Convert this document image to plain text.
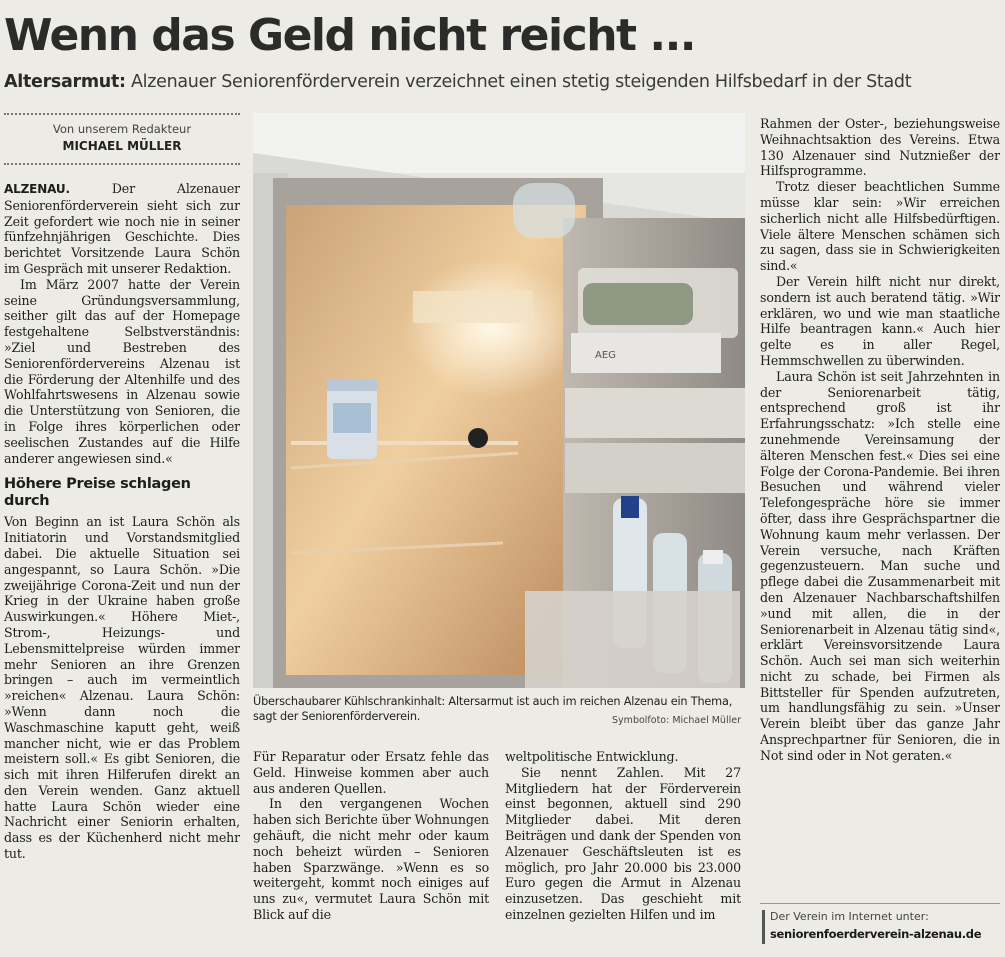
Wenn das Geld nicht reicht ...
Altersarmut: Alzenauer Seniorenförderverein verzeichnet einen stetig steigenden Hilfsbedarf in der Stadt
Von unserem Redakteur
MICHAEL MÜLLER

ALZENAU. Der Alzenauer Seniorenförderverein sieht sich zur Zeit gefordert wie noch nie in seiner fünfzehnjährigen Geschichte. Dies berichtet Vorsitzende Laura Schön im Gespräch mit unserer Redaktion.

Im März 2007 hatte der Verein seine Gründungsversammlung, seither gilt das auf der Homepage festgehaltene Selbstverständnis: »Ziel und Bestreben des Seniorenfördervereins Alzenau ist die Förderung der Altenhilfe und des Wohlfahrtswesens in Alzenau sowie die Unterstützung von Senioren, die in Folge ihres körperlichen oder seelischen Zustandes auf die Hilfe anderer angewiesen sind.«

Höhere Preise schlagen durch

Von Beginn an ist Laura Schön als Initiatorin und Vorstandsmitglied dabei. Die aktuelle Situation sei angespannt, so Laura Schön. »Die zweijährige Corona-Zeit und nun der Krieg in der Ukraine haben große Auswirkungen.« Höhere Miet-, Strom-, Heizungs- und Lebensmittelpreise würden immer mehr Senioren an ihre Grenzen bringen – auch im vermeintlich »reichen« Alzenau. Laura Schön: »Wenn dann noch die Waschmaschine kaputt geht, weiß mancher nicht, wie er das Problem meistern soll.« Es gibt Senioren, die sich mit ihren Hilferufen direkt an den Verein wenden. Ganz aktuell hatte Laura Schön wieder eine Nachricht einer Seniorin erhalten, dass es der Küchenherd nicht mehr tut.

AEG
Überschaubarer Kühlschrankinhalt: Altersarmut ist auch im reichen Alzenau ein Thema, sagt der Seniorenförderverein.	Symbolfoto: Michael Müller

Für Reparatur oder Ersatz fehle das Geld. Hinweise kommen aber auch aus anderen Quellen.

In den vergangenen Wochen haben sich Berichte über Wohnungen gehäuft, die nicht mehr oder kaum noch beheizt würden – Senioren haben Sparzwänge. »Wenn es so weitergeht, kommt noch einiges auf uns zu«, vermutet Laura Schön mit Blick auf die

weltpolitische Entwicklung.

Sie nennt Zahlen. Mit 27 Mitgliedern hat der Förderverein einst begonnen, aktuell sind 290 Mitglieder dabei. Mit deren Beiträgen und dank der Spenden von Alzenauer Geschäftsleuten ist es möglich, pro Jahr 20.000 bis 23.000 Euro gegen die Armut in Alzenau einzusetzen. Das geschieht mit einzelnen gezielten Hilfen und im

Rahmen der Oster-, beziehungsweise Weihnachtsaktion des Vereins. Etwa 130 Alzenauer sind Nutznießer der Hilfsprogramme.

Trotz dieser beachtlichen Summe müsse klar sein: »Wir erreichen sicherlich nicht alle Hilfsbedürftigen. Viele ältere Menschen schämen sich zu sagen, dass sie in Schwierigkeiten sind.«

Der Verein hilft nicht nur direkt, sondern ist auch beratend tätig. »Wir erklären, wo und wie man staatliche Hilfe beantragen kann.« Auch hier gelte es in aller Regel, Hemmschwellen zu überwinden.

Laura Schön ist seit Jahrzehnten in der Seniorenarbeit tätig, entsprechend groß ist ihr Erfahrungsschatz: »Ich stelle eine zunehmende Vereinsamung der älteren Menschen fest.« Dies sei eine Folge der Corona-Pandemie. Bei ihren Besuchen und während vieler Telefongespräche höre sie immer öfter, dass ihre Gesprächspartner die Wohnung kaum mehr verlassen. Der Verein versuche, nach Kräften gegenzusteuern. Man suche und pflege dabei die Zusammenarbeit mit den Alzenauer Nachbarschaftshilfen »und mit allen, die in der Seniorenarbeit in Alzenau tätig sind«, erklärt Vereinsvorsitzende Laura Schön. Auch sei man sich weiterhin nicht zu schade, bei Firmen als Bittsteller für Spenden aufzutreten, um handlungsfähig zu sein. »Unser Verein bleibt über das ganze Jahr Ansprechpartner für Senioren, die in Not sind oder in Not geraten.«

Der Verein im Internet unter:
seniorenfoerderverein-alzenau.de
